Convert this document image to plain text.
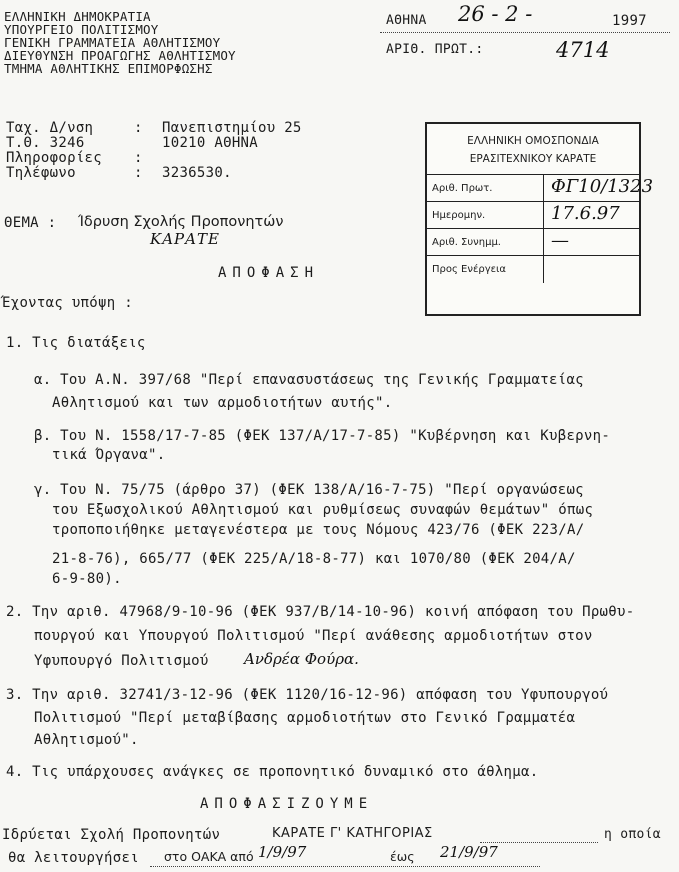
ΕΛΛΗΝΙΚΗ ΔΗΜΟΚΡΑΤΙΑ
ΥΠΟΥΡΓΕΙΟ ΠΟΛΙΤΙΣΜΟΥ
ΓΕΝΙΚΗ ΓΡΑΜΜΑΤΕΙΑ ΑΘΛΗΤΙΣΜΟΥ
ΔΙΕΥΘΥΝΣΗ ΠΡΟΑΓΩΓΗΣ ΑΘΛΗΤΙΣΜΟΥ
ΤΜΗΜΑ ΑΘΛΗΤΙΚΗΣ ΕΠΙΜΟΡΦΩΣΗΣ
ΑΘΗΝΑ 26 - 2 -	1997
ΑΡΙΘ. ΠΡΩΤ.:	4714
Ταχ. Δ/νση	: Πανεπιστημίου 25
Τ.Θ. 3246	10210 ΑΘΗΝΑ
Πληροφορίες :
Τηλέφωνο	: 3236530.
ΕΛΛΗΝΙΚΗ ΟΜΟΣΠΟΝΔΙΑ
ΕΡΑΣΙΤΕΧΝΙΚΟΥ ΚΑΡΑΤΕ
Αριθ. Πρωτ.	ΦΓ10/1323
Ημερομην.	17.6.97
Αριθ. Συνημμ.	—
Προς Ενέργεια
ΘΕΜΑ : Ίδρυση Σχολής Προπονητών
ΚΑΡΑΤΕ
ΑΠΟΦΑΣΗ
Έχοντας υπόψη :
1. Τις διατάξεις
α. Του Α.Ν. 397/68 "Περί επανασυστάσεως της Γενικής Γραμματείας
Αθλητισμού και των αρμοδιοτήτων αυτής".
β. Του Ν. 1558/17-7-85 (ΦΕΚ 137/Α/17-7-85) "Κυβέρνηση και Κυβερνη-
τικά Όργανα".
γ. Του Ν. 75/75 (άρθρο 37) (ΦΕΚ 138/Α/16-7-75) "Περί οργανώσεως
του Εξωσχολικού Αθλητισμού και ρυθμίσεως συναφών θεμάτων" όπως
τροποποιήθηκε μεταγενέστερα με τους Νόμους 423/76 (ΦΕΚ 223/Α/
21-8-76), 665/77 (ΦΕΚ 225/Α/18-8-77) και 1070/80 (ΦΕΚ 204/Α/
6-9-80).
2. Την αριθ. 47968/9-10-96 (ΦΕΚ 937/Β/14-10-96) κοινή απόφαση του Πρωθυ-
πουργού και Υπουργού Πολιτισμού "Περί ανάθεσης αρμοδιοτήτων στον
Υφυπουργό Πολιτισμού Ανδρέα Φούρα.
3. Την αριθ. 32741/3-12-96 (ΦΕΚ 1120/16-12-96) απόφαση του Υφυπουργού
Πολιτισμού "Περί μεταβίβασης αρμοδιοτήτων στο Γενικό Γραμματέα
Αθλητισμού".
4. Τις υπάρχουσες ανάγκες σε προπονητικό δυναμικό στο άθλημα.
ΑΠΟΦΑΣΙΖΟΥΜΕ
Ιδρύεται Σχολή Προπονητών	ΚΑΡΑΤΕ Γ' ΚΑΤΗΓΟΡΙΑΣ	η οποία
θα λειτουργήσει στο ΟΑΚΑ από 1/9/97	έως 21/9/97
